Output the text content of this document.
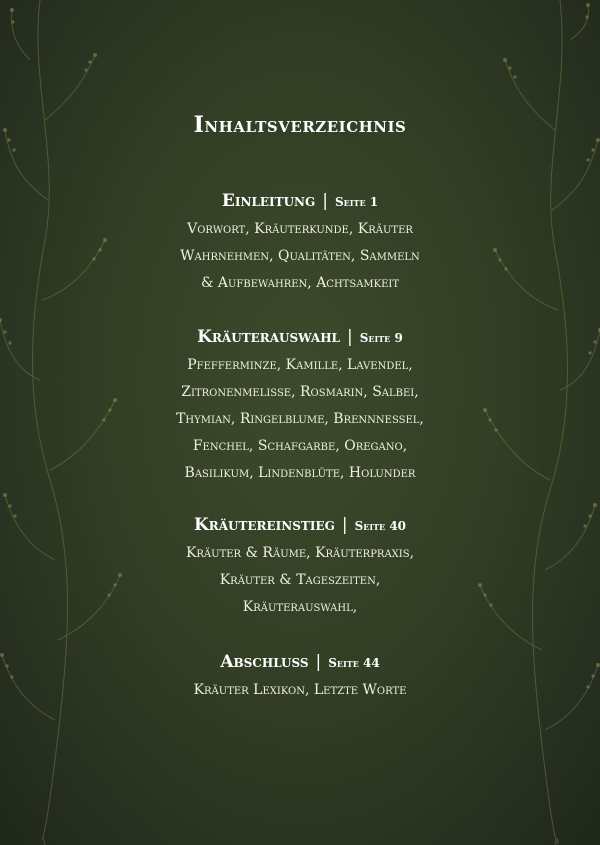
Inhaltsverzeichnis
Einleitung | Seite 1
Vorwort, Kräuterkunde, Kräuter
Wahrnehmen, Qualitäten, Sammeln
& Aufbewahren, Achtsamkeit
Kräuterauswahl | Seite 9
Pfefferminze, Kamille, Lavendel,
Zitronenmelisse, Rosmarin, Salbei,
Thymian, Ringelblume, Brennnessel,
Fenchel, Schafgarbe, Oregano,
Basilikum, Lindenblüte, Holunder
Kräutereinstieg | Seite 40
Kräuter & Räume, Kräuterpraxis,
Kräuter & Tageszeiten,
Kräuterauswahl,
Abschluss | Seite 44
Kräuter Lexikon, Letzte Worte
